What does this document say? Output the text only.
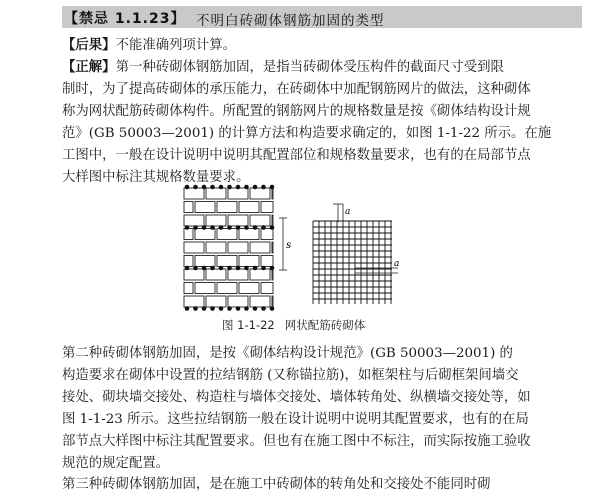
【禁忌 1.1.23】 不明白砖砌体钢筋加固的类型
【后果】不能准确列项计算。
【正解】第一种砖砌体钢筋加固，是指当砖砌体受压构件的截面尺寸受到限
制时，为了提高砖砌体的承压能力，在砖砌体中加配钢筋网片的做法，这种砌体
称为网状配筋砖砌体构件。所配置的钢筋网片的规格数量是按《砌体结构设计规
范》(GB 50003—2001) 的计算方法和构造要求确定的，如图 1-1-22 所示。在施
工图中，一般在设计说明中说明其配置部位和规格数量要求，也有的在局部节点
大样图中标注其规格数量要求。
s
a
a
图 1-1-22 网状配筋砖砌体
第二种砖砌体钢筋加固，是按《砌体结构设计规范》(GB 50003—2001) 的
构造要求在砌体中设置的拉结钢筋 (又称锚拉筋)，如框架柱与后砌框架间墙交
接处、砌块墙交接处、构造柱与墙体交接处、墙体转角处、纵横墙交接处等，如
图 1-1-23 所示。这些拉结钢筋一般在设计说明中说明其配置要求，也有的在局
部节点大样图中标注其配置要求。但也有在施工图中不标注，而实际按施工验收
规范的规定配置。
第三种砖砌体钢筋加固，是在施工中砖砌体的转角处和交接处不能同时砌
